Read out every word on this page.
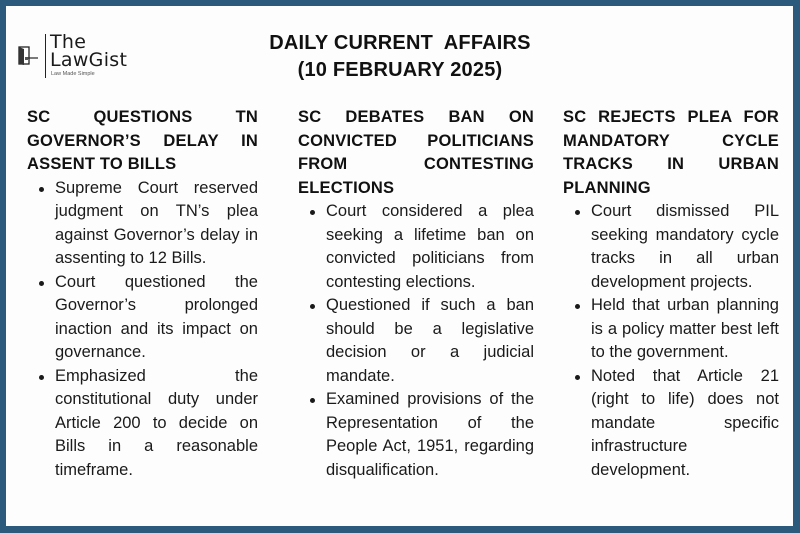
The
LawGist
Law Made Simple
DAILY CURRENT  AFFAIRS
(10 FEBRUARY 2025)

SC QUESTIONS TN GOVERNOR’S DELAY IN ASSENT TO BILLS

Supreme Court reserved judgment on TN’s plea against Governor’s delay in assenting to 12 Bills.
Court questioned the Governor’s prolonged inaction and its impact on governance.
Emphasized the constitutional duty under Article 200 to decide on Bills in a reasonable timeframe.

SC DEBATES BAN ON CONVICTED POLITICIANS FROM CONTESTING ELECTIONS

Court considered a plea seeking a lifetime ban on convicted politicians from contesting elections.
Questioned if such a ban should be a legislative decision or a judicial mandate.
Examined provisions of the Representation of the People Act, 1951, regarding disqualification.

SC REJECTS PLEA FOR MANDATORY CYCLE TRACKS IN URBAN PLANNING

Court dismissed PIL seeking mandatory cycle tracks in all urban development projects.
Held that urban planning is a policy matter best left to the government.
Noted that Article 21 (right to life) does not mandate specific infrastructure development.
